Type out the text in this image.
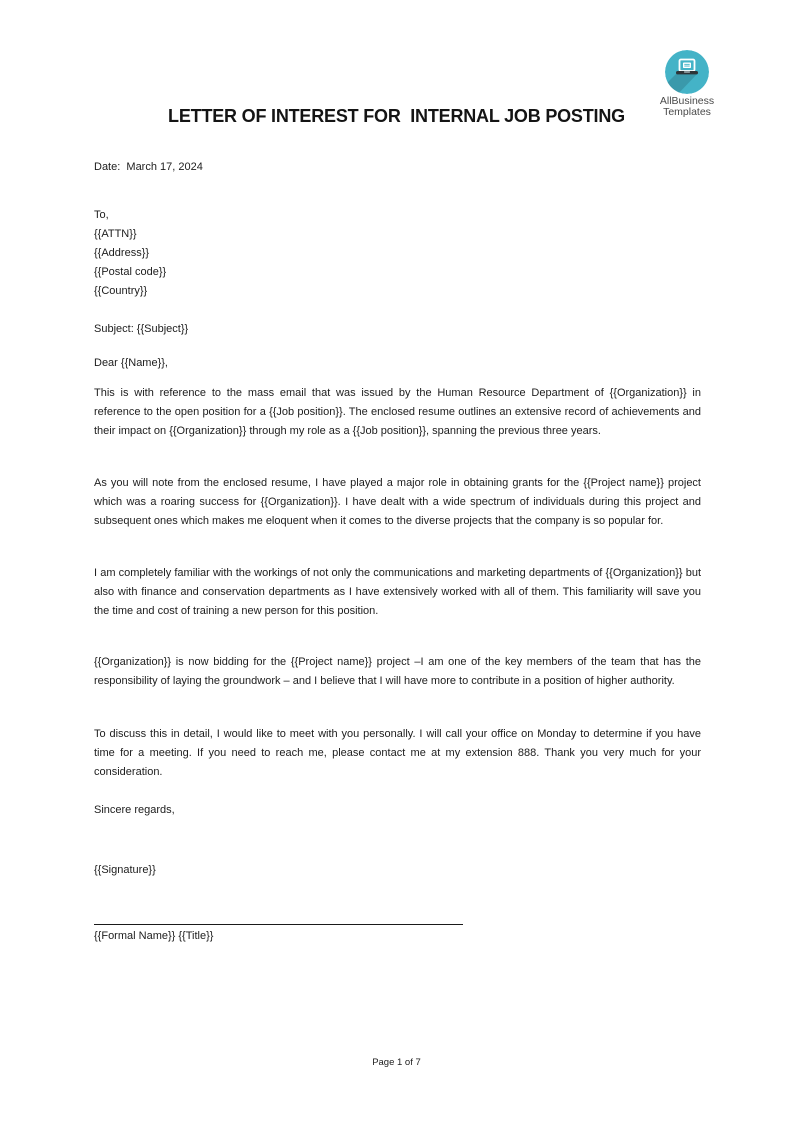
LETTER OF INTEREST FOR  INTERNAL JOB POSTING
AllBusiness
Templates
Date:  March 17, 2024
To,
{{ATTN}}
{{Address}}
{{Postal code}}
{{Country}}
Subject: {{Subject}}
Dear {{Name}},

This is with reference to the mass email that was issued by the Human Resource Department of {{Organization}} in reference to the open position for a {{Job position}}. The enclosed resume outlines an extensive record of achievements and their impact on {{Organization}} through my role as a {{Job position}}, spanning the previous three years.

As you will note from the enclosed resume, I have played a major role in obtaining grants for the {{Project name}} project which was a roaring success for {{Organization}}. I have dealt with a wide spectrum of individuals during this project and subsequent ones which makes me eloquent when it comes to the diverse projects that the company is so popular for.

I am completely familiar with the workings of not only the communications and marketing departments of {{Organization}} but also with finance and conservation departments as I have extensively worked with all of them. This familiarity will save you the time and cost of training a new person for this position.

{{Organization}} is now bidding for the {{Project name}} project –I am one of the key members of the team that has the responsibility of laying the groundwork – and I believe that I will have more to contribute in a position of higher authority.

To discuss this in detail, I would like to meet with you personally. I will call your office on Monday to determine if you have time for a meeting. If you need to reach me, please contact me at my extension 888. Thank you very much for your consideration.

Sincere regards,
{{Signature}}
{{Formal Name}} {{Title}}
Page 1 of 7
